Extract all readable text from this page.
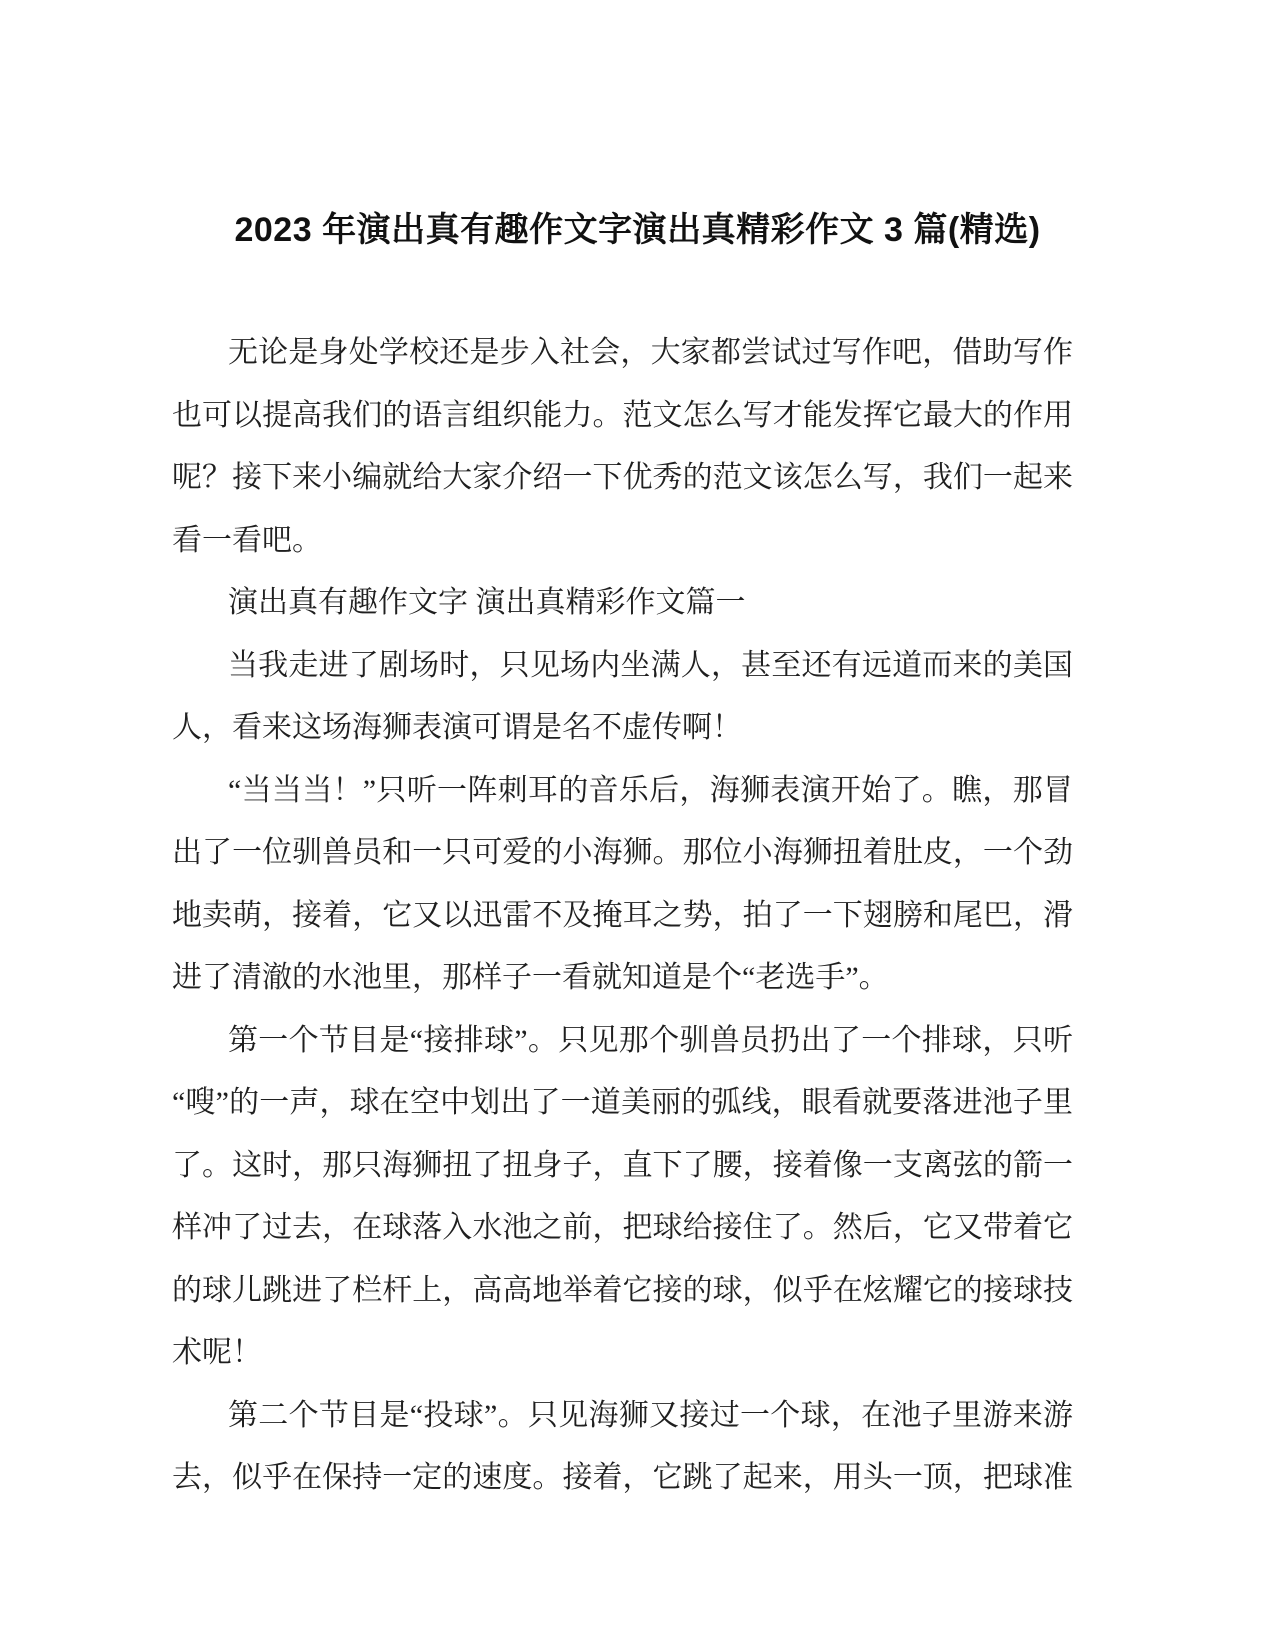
2023 年演出真有趣作文字演出真精彩作文 3 篇(精选)
无论是身处学校还是步入社会，大家都尝试过写作吧，借助写作
也可以提高我们的语言组织能力。范文怎么写才能发挥它最大的作用
呢？接下来小编就给大家介绍一下优秀的范文该怎么写，我们一起来
看一看吧。
演出真有趣作文字 演出真精彩作文篇一
当我走进了剧场时，只见场内坐满人，甚至还有远道而来的美国
人，看来这场海狮表演可谓是名不虚传啊！
“当当当！”只听一阵刺耳的音乐后，海狮表演开始了。瞧，那冒
出了一位驯兽员和一只可爱的小海狮。那位小海狮扭着肚皮，一个劲
地卖萌，接着，它又以迅雷不及掩耳之势，拍了一下翅膀和尾巴，滑
进了清澈的水池里，那样子一看就知道是个“老选手”。
第一个节目是“接排球”。只见那个驯兽员扔出了一个排球，只听
“嗖”的一声，球在空中划出了一道美丽的弧线，眼看就要落进池子里
了。这时，那只海狮扭了扭身子，直下了腰，接着像一支离弦的箭一
样冲了过去，在球落入水池之前，把球给接住了。然后，它又带着它
的球儿跳进了栏杆上，高高地举着它接的球，似乎在炫耀它的接球技
术呢！
第二个节目是“投球”。只见海狮又接过一个球，在池子里游来游
去，似乎在保持一定的速度。接着，它跳了起来，用头一顶，把球准
